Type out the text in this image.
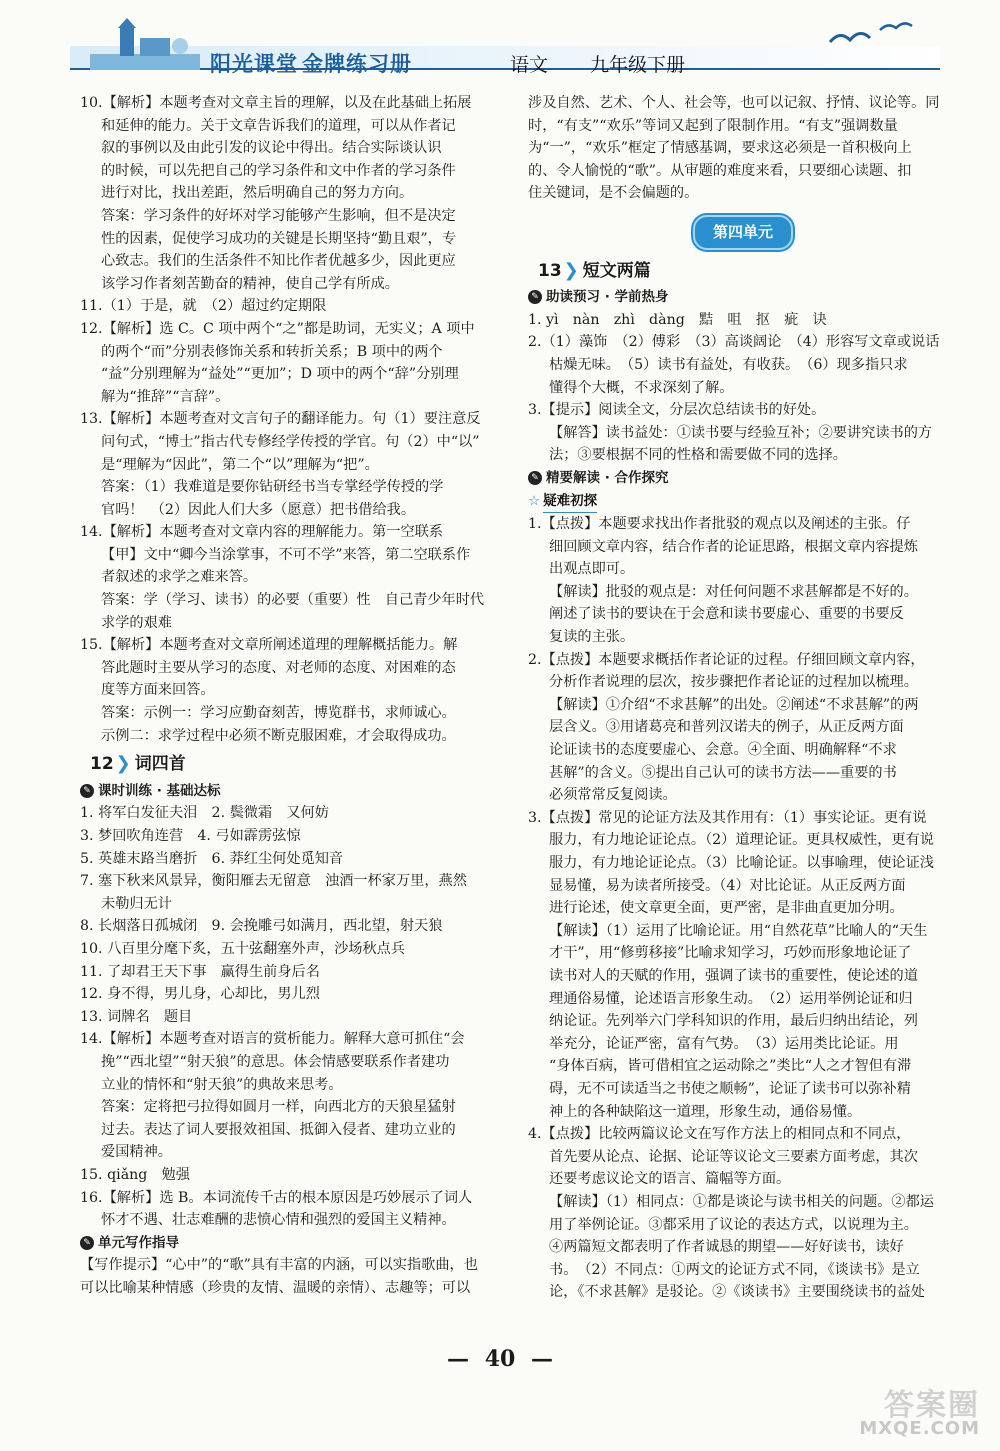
阳光课堂 金牌练习册	语文 九年级下册

10.【解析】本题考查对文章主旨的理解，以及在此基础上拓展

和延伸的能力。关于文章告诉我们的道理，可以从作者记

叙的事例以及由此引发的议论中得出。结合实际谈认识

的时候，可以先把自己的学习条件和文中作者的学习条件

进行对比，找出差距，然后明确自己的努力方向。

答案：学习条件的好坏对学习能够产生影响，但不是决定

性的因素，促使学习成功的关键是长期坚持“勤且艰”，专

心致志。我们的生活条件不知比作者优越多少，因此更应

该学习作者刻苦勤奋的精神，使自己学有所成。

11.（1）于是，就　（2）超过约定期限

12.【解析】选 C。C 项中两个“之”都是助词，无实义；A 项中

的两个“而”分别表修饰关系和转折关系；B 项中的两个

“益”分别理解为“益处”“更加”；D 项中的两个“辞”分别理

解为“推辞”“言辞”。

13.【解析】本题考查对文言句子的翻译能力。句（1）要注意反

问句式，“博士”指古代专修经学传授的学官。句（2）中“以”

是“理解为“因此”，第二个“以”理解为“把”。

答案：（1）我难道是要你钻研经书当专掌经学传授的学

官吗！　（2）因此人们大多（愿意）把书借给我。

14.【解析】本题考查对文章内容的理解能力。第一空联系

【甲】文中“卿今当涂掌事，不可不学”来答，第二空联系作

者叙述的求学之难来答。

答案：学（学习、读书）的必要（重要）性　自己青少年时代

求学的艰难

15.【解析】本题考查对文章所阐述道理的理解概括能力。解

答此题时主要从学习的态度、对老师的态度、对困难的态

度等方面来回答。

答案：示例一：学习应勤奋刻苦，博览群书，求师诚心。

示例二：求学过程中必须不断克服困难，才会取得成功。

12 ❯ 词四首
✎ 课时训练 · 基础达标

1. 将军白发征夫泪　2. 鬓微霜　又何妨

3. 梦回吹角连营　4. 弓如霹雳弦惊

5. 英雄末路当磨折　6. 莽红尘何处觅知音

7. 塞下秋来风景异，衡阳雁去无留意　浊酒一杯家万里，燕然

未勒归无计

8. 长烟落日孤城闭　9. 会挽雕弓如满月，西北望，射天狼

10. 八百里分麾下炙，五十弦翻塞外声，沙场秋点兵

11. 了却君王天下事　赢得生前身后名

12. 身不得，男儿身，心却比，男儿烈

13. 词牌名　题目

14.【解析】本题考查对语言的赏析能力。解释大意可抓住“会

挽”“西北望”“射天狼”的意思。体会情感要联系作者建功

立业的情怀和“射天狼”的典故来思考。

答案：定将把弓拉得如圆月一样，向西北方的天狼星猛射

过去。表达了词人要报效祖国、抵御入侵者、建功立业的

爱国精神。

15. qiǎng　勉强

16.【解析】选 B。本词流传千古的根本原因是巧妙展示了词人

怀才不遇、壮志难酬的悲愤心情和强烈的爱国主义精神。

✎ 单元写作指导

【写作提示】“心中”的“歌”具有丰富的内涵，可以实指歌曲，也

可以比喻某种情感（珍贵的友情、温暖的亲情）、志趣等；可以

涉及自然、艺术、个人、社会等，也可以记叙、抒情、议论等。同

时，“有支”“欢乐”等词又起到了限制作用。“有支”强调数量

为“一”，“欢乐”框定了情感基调，要求这必须是一首积极向上

的、令人愉悦的“歌”。从审题的难度来看，只要细心读题、扣

住关键词，是不会偏题的。

第四单元
13 ❯ 短文两篇
✎ 助读预习 · 学前热身

1. yì　nàn　zhì　dàng　黠　咀　抠　疵　诀

2.（1）藻饰　（2）傅彩　（3）高谈阔论　（4）形容写文章或说话

枯燥无味。　（5）读书有益处，有收获。　（6）现多指只求

懂得个大概，不求深刻了解。

3.【提示】阅读全文，分层次总结读书的好处。

【解答】读书益处：①读书要与经验互补；②要讲究读书的方

法；③要根据不同的性格和需要做不同的选择。

✎ 精要解读 · 合作探究
☆ 疑难初探

1.【点拨】本题要求找出作者批驳的观点以及阐述的主张。仔

细回顾文章内容，结合作者的论证思路，根据文章内容提炼

出观点即可。

【解读】批驳的观点是：对任何问题不求甚解都是不好的。

阐述了读书的要诀在于会意和读书要虚心、重要的书要反

复读的主张。

2.【点拨】本题要求概括作者论证的过程。仔细回顾文章内容，

分析作者说理的层次，按步骤把作者论证的过程加以梳理。

【解读】①介绍“不求甚解”的出处。②阐述“不求甚解”的两

层含义。③用诸葛亮和普列汉诺夫的例子，从正反两方面

论证读书的态度要虚心、会意。④全面、明确解释“不求

甚解”的含义。⑤提出自己认可的读书方法——重要的书

必须常常反复阅读。

3.【点拨】常见的论证方法及其作用有：（1）事实论证。更有说

服力，有力地论证论点。（2）道理论证。更具权威性，更有说

服力，有力地论证论点。（3）比喻论证。以事喻理，使论证浅

显易懂，易为读者所接受。（4）对比论证。从正反两方面

进行论述，使文章更全面，更严密，是非曲直更加分明。

【解读】（1）运用了比喻论证。用“自然花草”比喻人的“天生

才干”，用“修剪移接”比喻求知学习，巧妙而形象地论证了

读书对人的天赋的作用，强调了读书的重要性，使论述的道

理通俗易懂，论述语言形象生动。　（2）运用举例论证和归

纳论证。先列举六门学科知识的作用，最后归纳出结论，列

举充分，论证严密，富有气势。　（3）运用类比论证。用

“身体百病，皆可借相宜之运动除之”类比“人之才智但有滞

碍，无不可读适当之书使之顺畅”，论证了读书可以弥补精

神上的各种缺陷这一道理，形象生动，通俗易懂。

4.【点拨】比较两篇议论文在写作方法上的相同点和不同点，

首先要从论点、论据、论证等议论文三要素方面考虑，其次

还要考虑议论文的语言、篇幅等方面。

【解读】（1）相同点：①都是谈论与读书相关的问题。②都运

用了举例论证。③都采用了议论的表达方式，以说理为主。

④两篇短文都表明了作者诚恳的期望——好好读书，读好

书。　（2）不同点：①两文的论证方式不同，《谈读书》是立

论，《不求甚解》是驳论。②《谈读书》主要围绕读书的益处

— 40 —
答案圈
MXQE.COM
